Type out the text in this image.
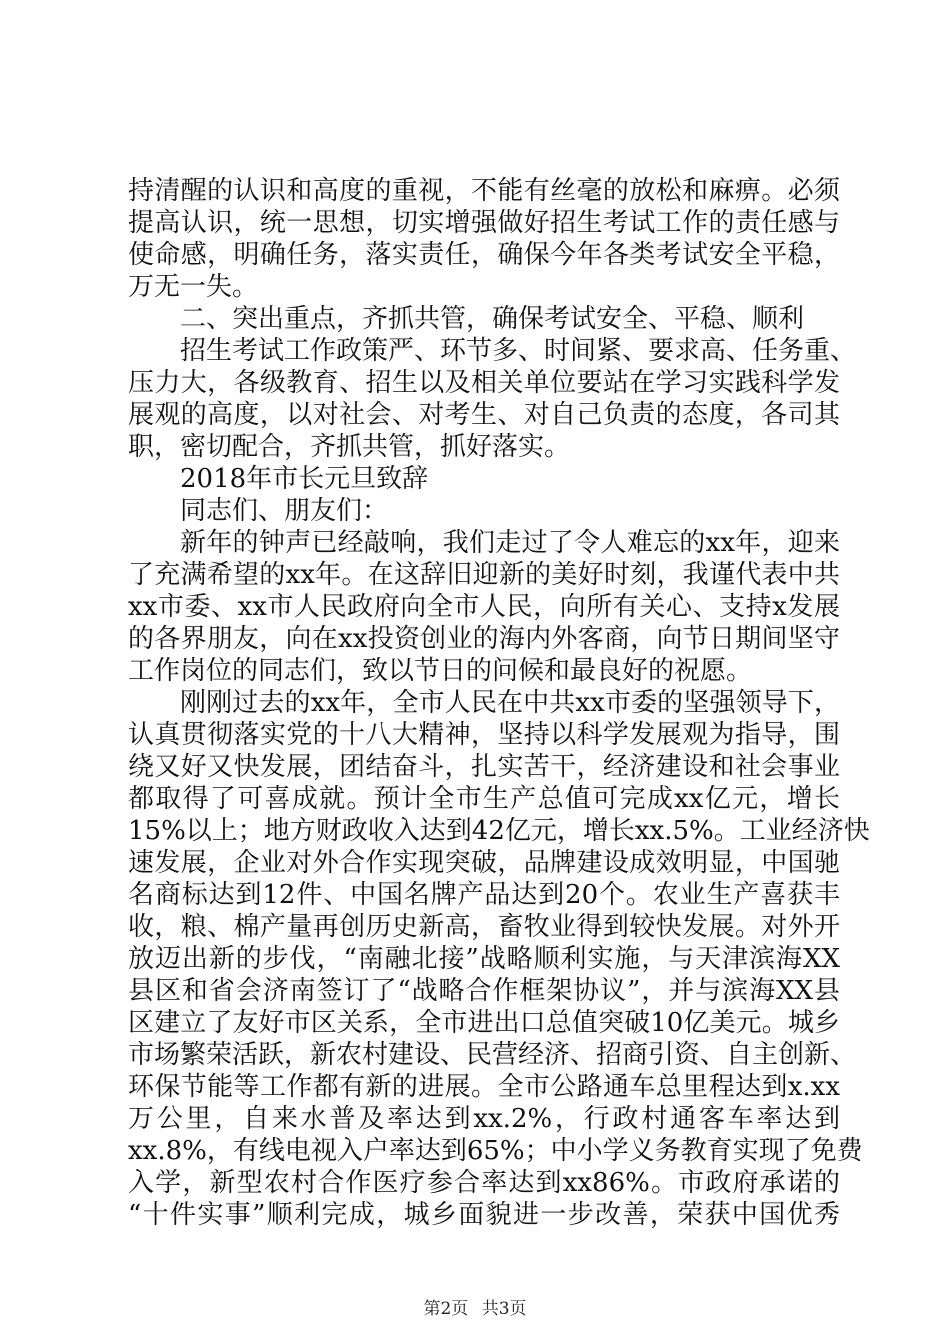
持清醒的认识和高度的重视，不能有丝毫的放松和麻痹。必须
提高认识，统一思想，切实增强做好招生考试工作的责任感与
使命感，明确任务，落实责任，确保今年各类考试安全平稳，
万无一失。
二、突出重点，齐抓共管，确保考试安全、平稳、顺利
招生考试工作政策严、环节多、时间紧、要求高、任务重、
压力大，各级教育、招生以及相关单位要站在学习实践科学发
展观的高度，以对社会、对考生、对自己负责的态度，各司其
职，密切配合，齐抓共管，抓好落实。
2018年市长元旦致辞
同志们、朋友们：
新年的钟声已经敲响，我们走过了令人难忘的xx年，迎来
了充满希望的xx年。在这辞旧迎新的美好时刻，我谨代表中共
xx市委、xx市人民政府向全市人民，向所有关心、支持x发展
的各界朋友，向在xx投资创业的海内外客商，向节日期间坚守
工作岗位的同志们，致以节日的问候和最良好的祝愿。
刚刚过去的xx年，全市人民在中共xx市委的坚强领导下，
认真贯彻落实党的十八大精神，坚持以科学发展观为指导，围
绕又好又快发展，团结奋斗，扎实苦干，经济建设和社会事业
都取得了可喜成就。预计全市生产总值可完成xx亿元，增长
15%以上；地方财政收入达到42亿元，增长xx.5%。工业经济快
速发展，企业对外合作实现突破，品牌建设成效明显，中国驰
名商标达到12件、中国名牌产品达到20个。农业生产喜获丰
收，粮、棉产量再创历史新高，畜牧业得到较快发展。对外开
放迈出新的步伐，“南融北接”战略顺利实施，与天津滨海XX
县区和省会济南签订了“战略合作框架协议”，并与滨海XX县
区建立了友好市区关系，全市进出口总值突破10亿美元。城乡
市场繁荣活跃，新农村建设、民营经济、招商引资、自主创新、
环保节能等工作都有新的进展。全市公路通车总里程达到x.xx
万公里，自来水普及率达到xx.2%，行政村通客车率达到
xx.8%，有线电视入户率达到65%；中小学义务教育实现了免费
入学，新型农村合作医疗参合率达到xx86%。市政府承诺的
“十件实事”顺利完成，城乡面貌进一步改善，荣获中国优秀
第2页 共3页
